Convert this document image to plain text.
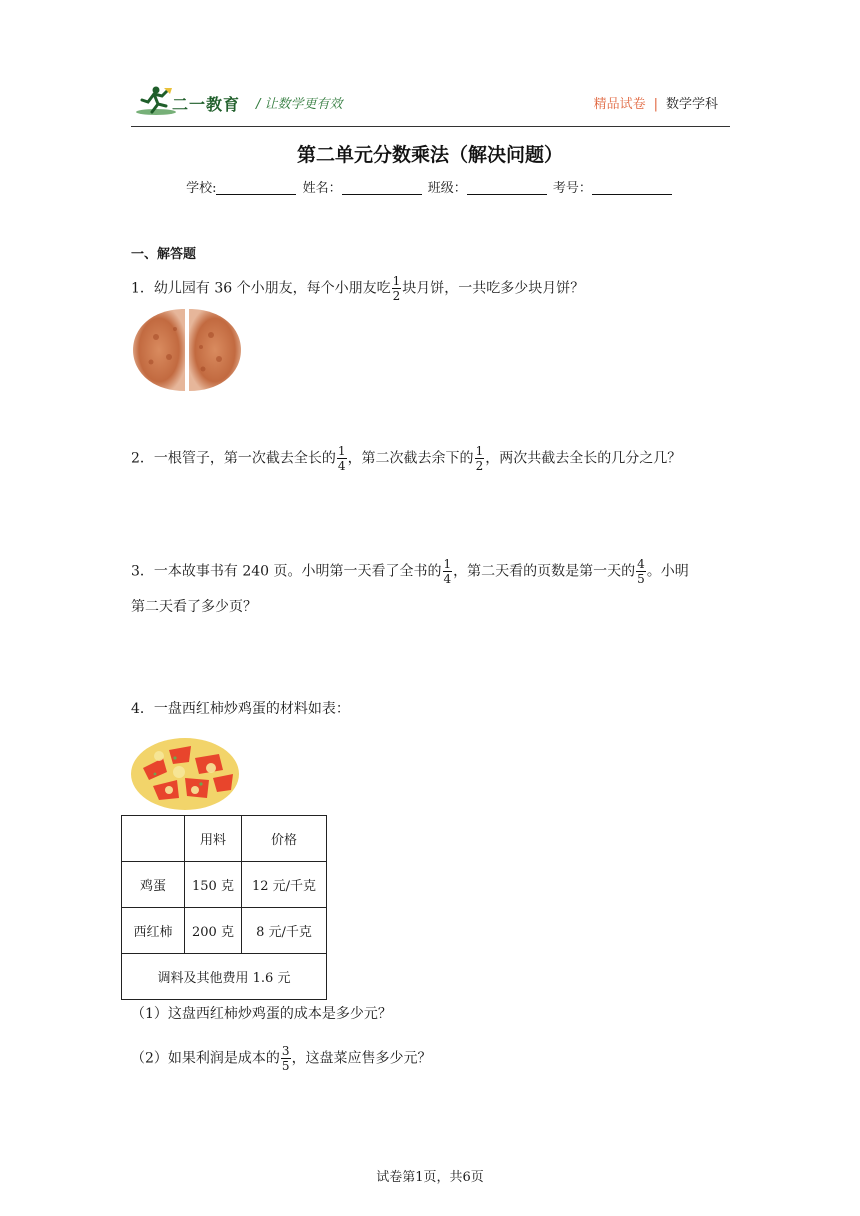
二一教育 / 让数学更有效	精品试卷 | 数学学科
第二单元分数乘法（解决问题）
学校:	姓名：	班级：	考号：
一、解答题
1．幼儿园有 36 个小朋友，每个小朋友吃 $\frac{1}{2}$ 块月饼，一共吃多少块月饼？
2．一根管子，第一次截去全长的 $\frac{1}{4}$ ，第二次截去余下的 $\frac{1}{2}$ ，两次共截去全长的几分之几？
3．一本故事书有 240 页。小明第一天看了全书的 $\frac{1}{4}$ ，第二天看的页数是第一天的 $\frac{4}{5}$ 。小明
第二天看了多少页？
4．一盘西红柿炒鸡蛋的材料如表：
	用料	价格
鸡蛋	150 克	12 元/千克
西红柿	200 克	8 元/千克
调料及其他费用 1.6 元		
（1）这盘西红柿炒鸡蛋的成本是多少元？
（2）如果利润是成本的 $\frac{3}{5}$ ，这盘菜应售多少元？
试卷第1页，共6页
